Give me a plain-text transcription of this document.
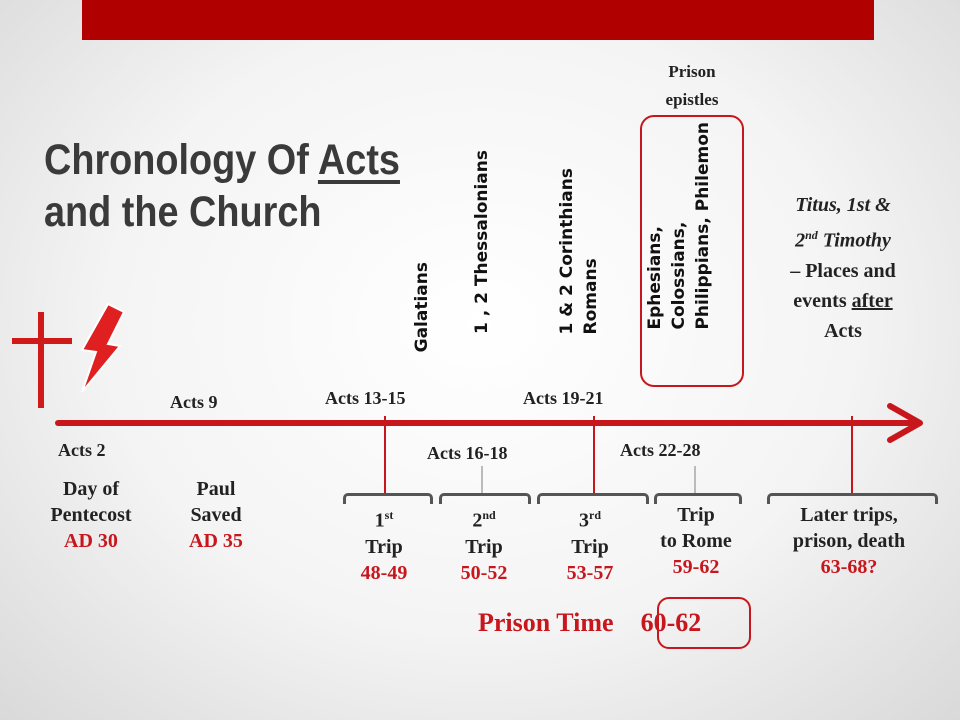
Chronology Of Acts
and the Church
Galatians 1 , 2 Thessalonians	1 & 2 Corinthians Romans	Ephesians, Colossians, Philippians, Philemon
Prison
epistles
Titus, 1st &
2nd Timothy
– Places and
events after
Acts
Acts 9	Acts 13-15	Acts 19-21
Acts 2	Acts 16-18	Acts 22-28
Day of
Pentecost
AD 30
Paul
Saved
AD 35
1st
Trip
48-49
2nd
Trip
50-52
3rd
Trip
53-57
Trip
to Rome
59-62
Later trips,
prison, death
63-68?
Prison Time 60-62
